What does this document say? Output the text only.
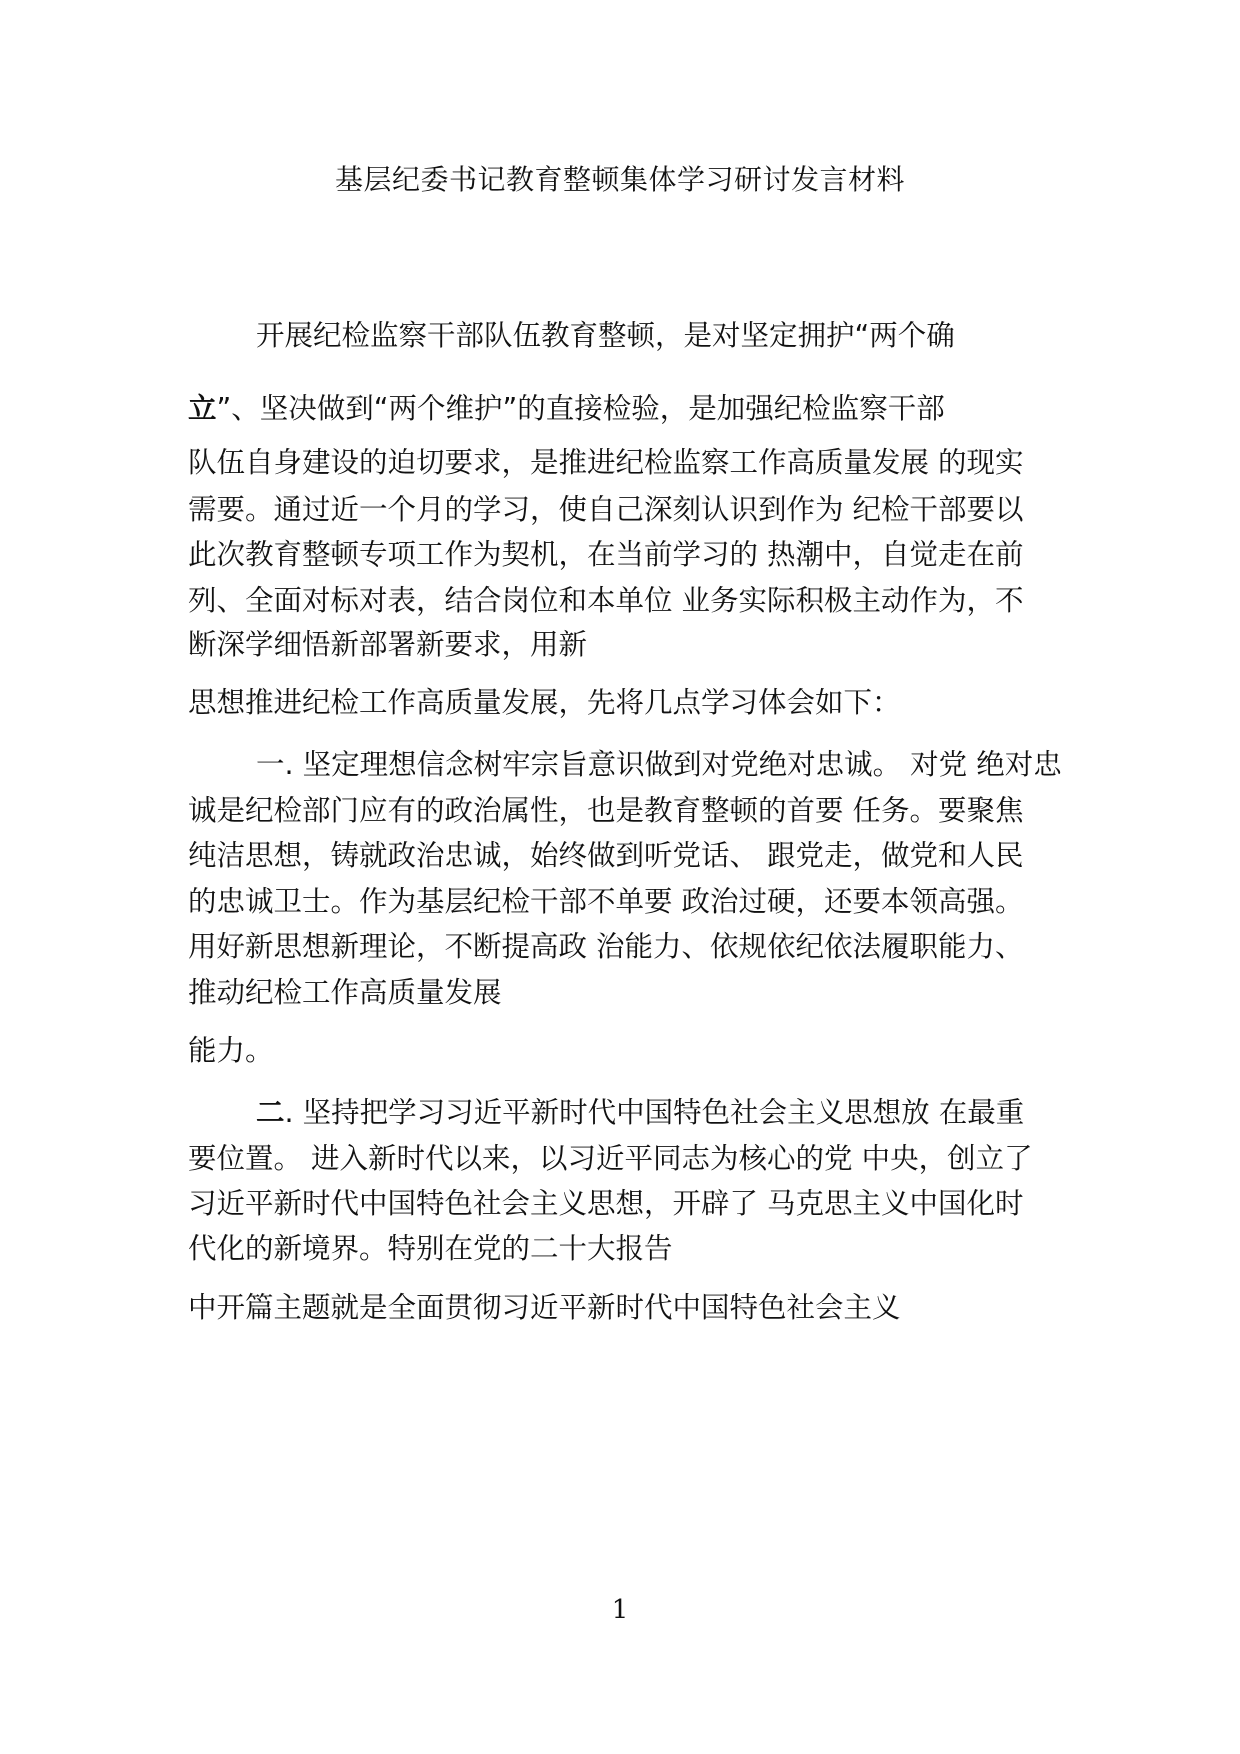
基层纪委书记教育整顿集体学习研讨发言材料
开展纪检监察干部队伍教育整顿，是对坚定拥护“两个确
立”、坚决做到“两个维护”的直接检验，是加强纪检监察干部
队伍自身建设的迫切要求，是推进纪检监察工作高质量发展 的现实
需要。通过近一个月的学习，使自己深刻认识到作为 纪检干部要以
此次教育整顿专项工作为契机，在当前学习的 热潮中，自觉走在前
列、全面对标对表，结合岗位和本单位 业务实际积极主动作为，不
断深学细悟新部署新要求，用新
思想推进纪检工作高质量发展，先将几点学习体会如下：
一. 坚定理想信念树牢宗旨意识做到对党绝对忠诚。 对党 绝对忠
诚是纪检部门应有的政治属性，也是教育整顿的首要 任务。要聚焦
纯洁思想，铸就政治忠诚，始终做到听党话、 跟党走，做党和人民
的忠诚卫士。作为基层纪检干部不单要 政治过硬，还要本领高强。
用好新思想新理论，不断提高政 治能力、依规依纪依法履职能力、
推动纪检工作高质量发展
能力。
二. 坚持把学习习近平新时代中国特色社会主义思想放 在最重
要位置。 进入新时代以来，以习近平同志为核心的党 中央，创立了
习近平新时代中国特色社会主义思想，开辟了 马克思主义中国化时
代化的新境界。特别在党的二十大报告
中开篇主题就是全面贯彻习近平新时代中国特色社会主义
1
